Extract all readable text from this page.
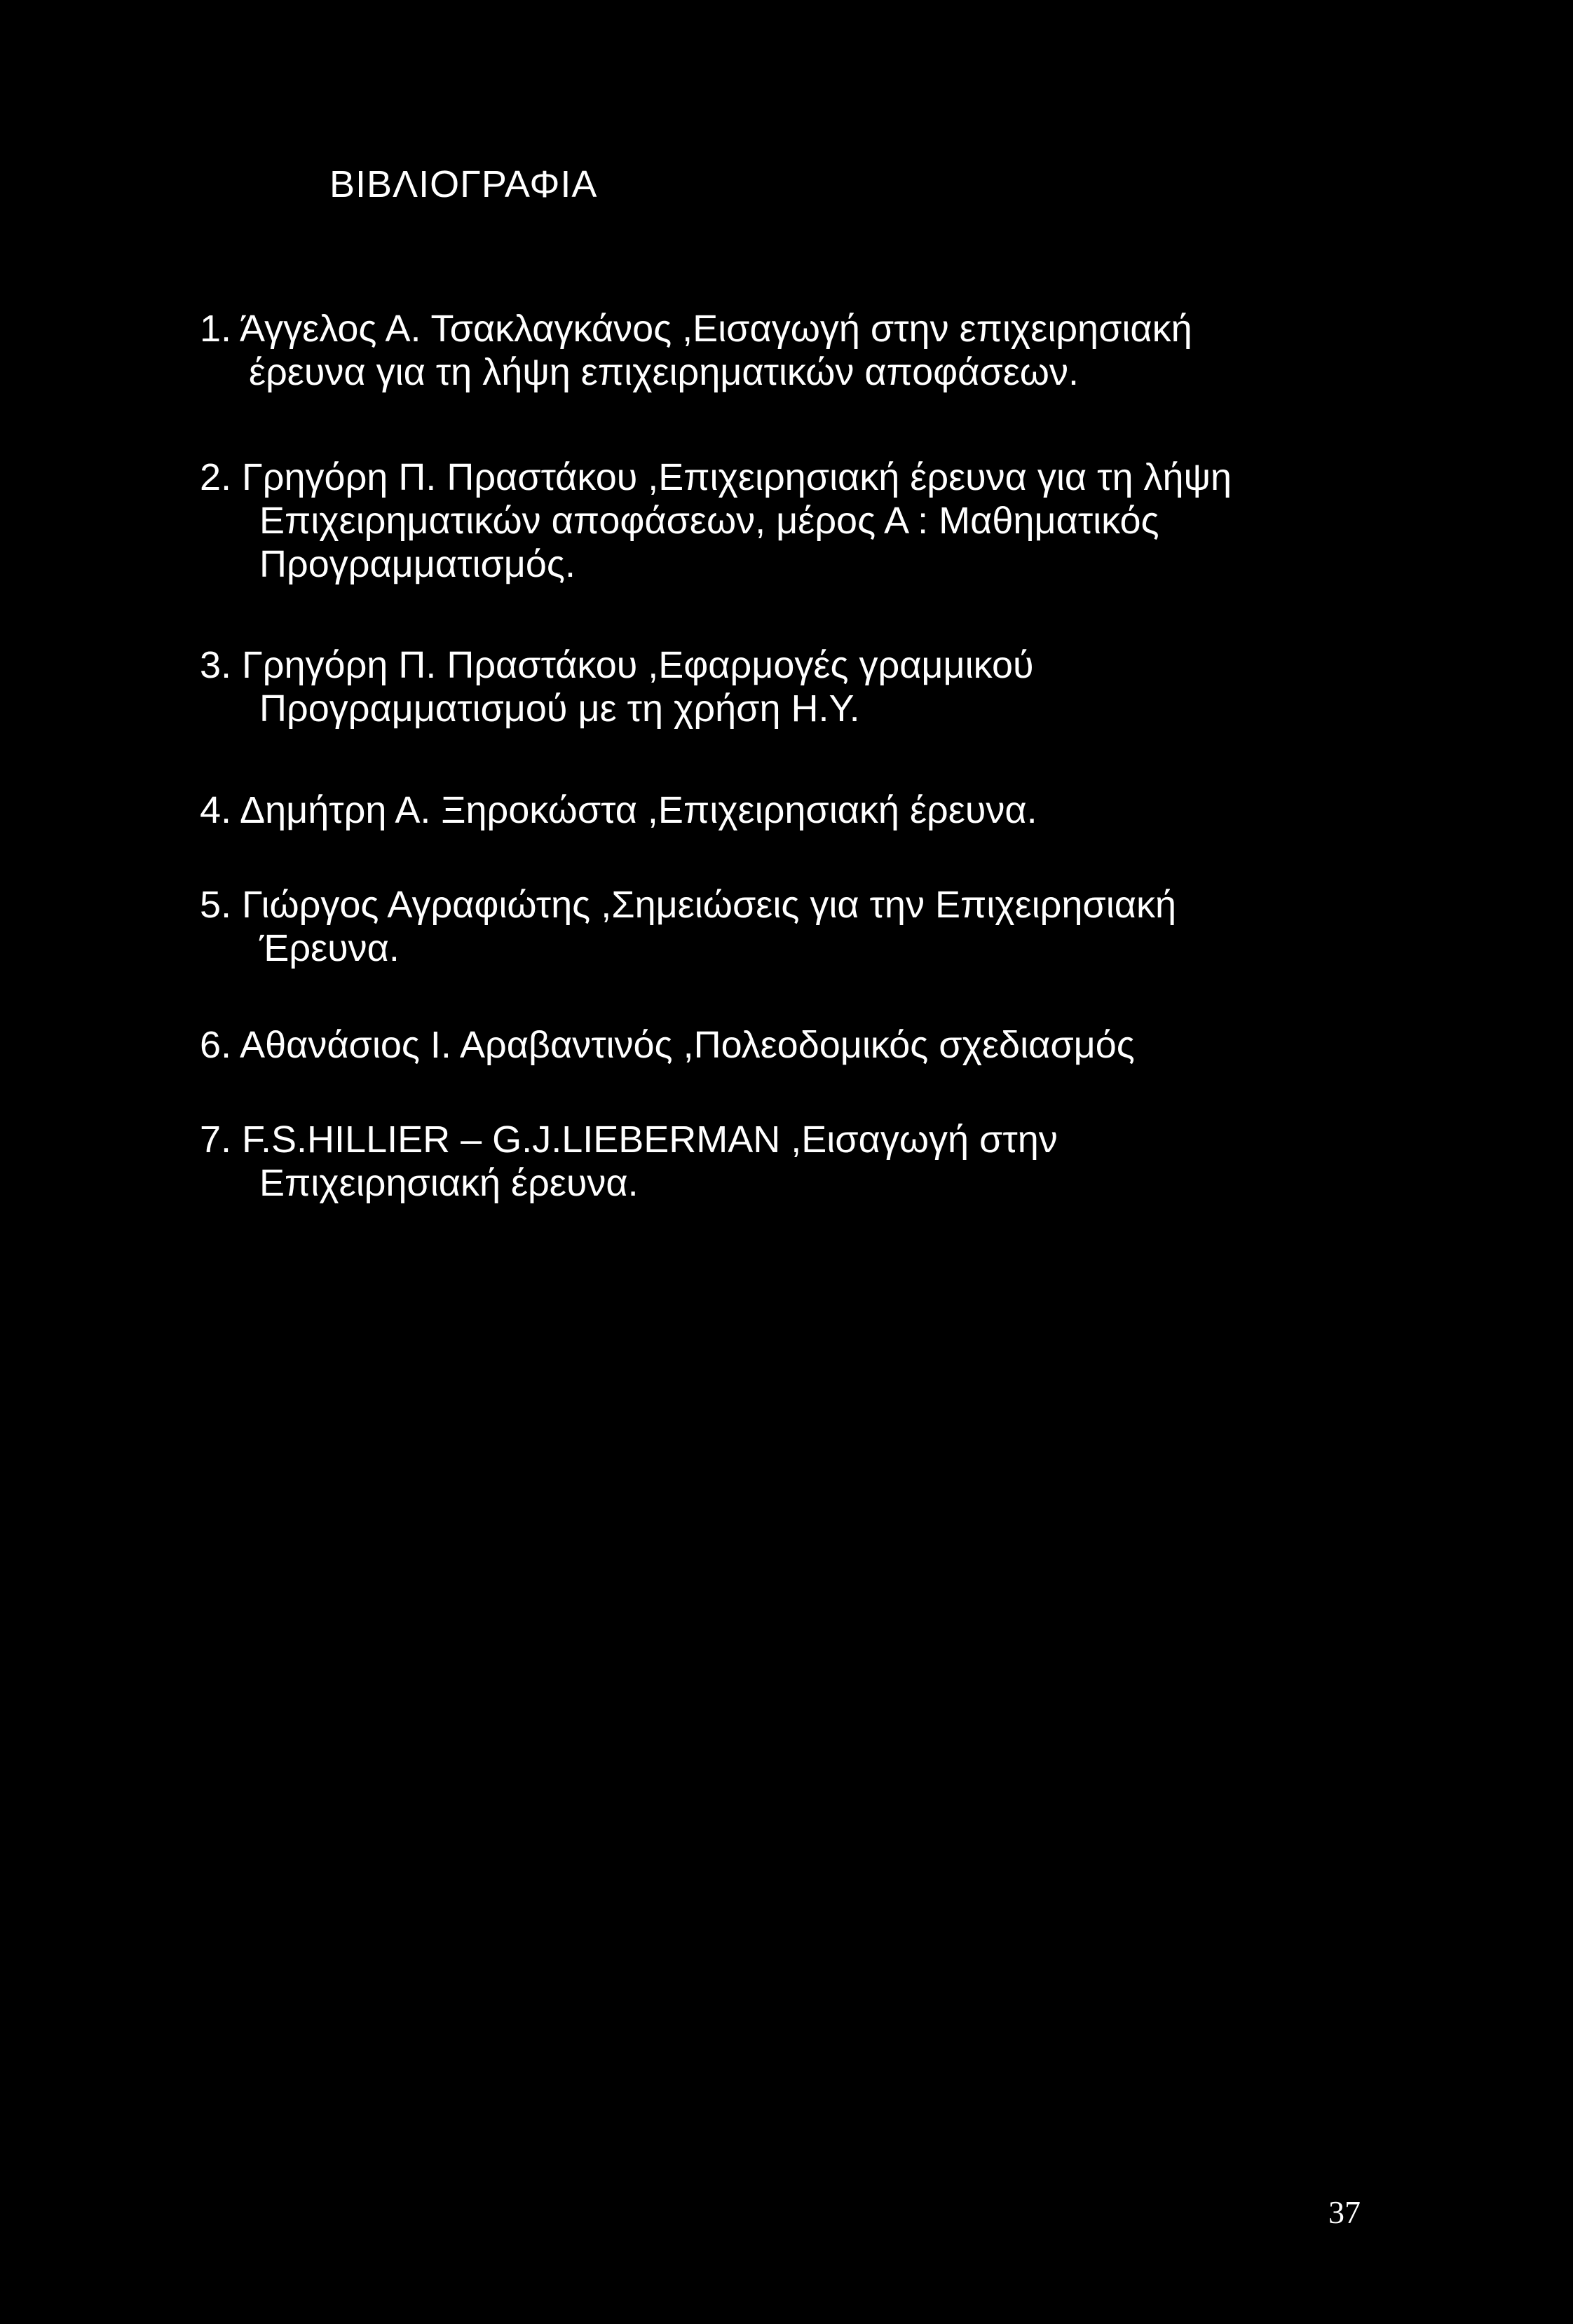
ΒΙΒΛΙΟΓΡΑΦΙΑ
1. Άγγελος Α. Τσακλαγκάνος ,Εισαγωγή στην επιχειρησιακή
έρευνα για τη λήψη επιχειρηματικών αποφάσεων.
2. Γρηγόρη Π. Πραστάκου ,Επιχειρησιακή έρευνα για τη λήψη
Επιχειρηματικών αποφάσεων, μέρος Α : Μαθηματικός
Προγραμματισμός.
3. Γρηγόρη Π. Πραστάκου ,Εφαρμογές γραμμικού
Προγραμματισμού με τη χρήση Η.Υ.
4. Δημήτρη Α. Ξηροκώστα ,Επιχειρησιακή έρευνα.
5. Γιώργος Αγραφιώτης ,Σημειώσεις για την Επιχειρησιακή
Έρευνα.
6. Αθανάσιος Ι. Αραβαντινός ,Πολεοδομικός σχεδιασμός
7. F.S.HILLIER – G.J.LIEBERMAN ,Εισαγωγή στην
Επιχειρησιακή έρευνα.
37
